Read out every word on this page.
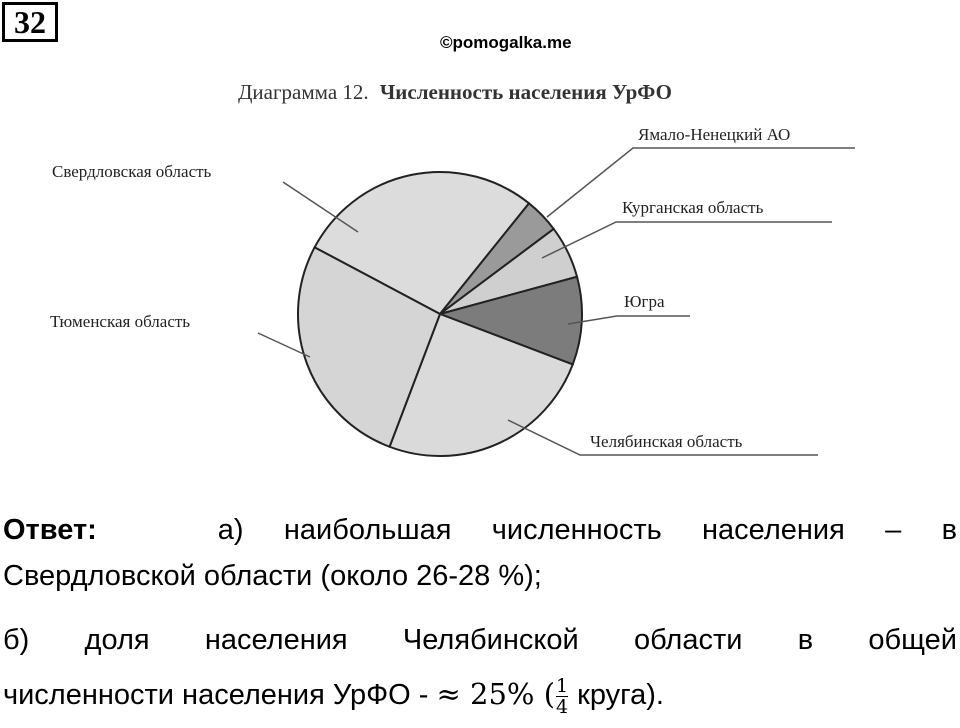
32
©pomogalka.me
Диаграмма 12. Численность населения УрФО
Свердловская область
Ямало-Ненецкий АО
Курганская область
Югра
Челябинская область
Тюменская область
Ответ:	а) наибольшая численность населения – в
Свердловской области (около 26-28 %);
б) доля населения Челябинской области в общей
численности населения УрФО - ≈ 25% ( $\frac{1}{4}$ круга).
